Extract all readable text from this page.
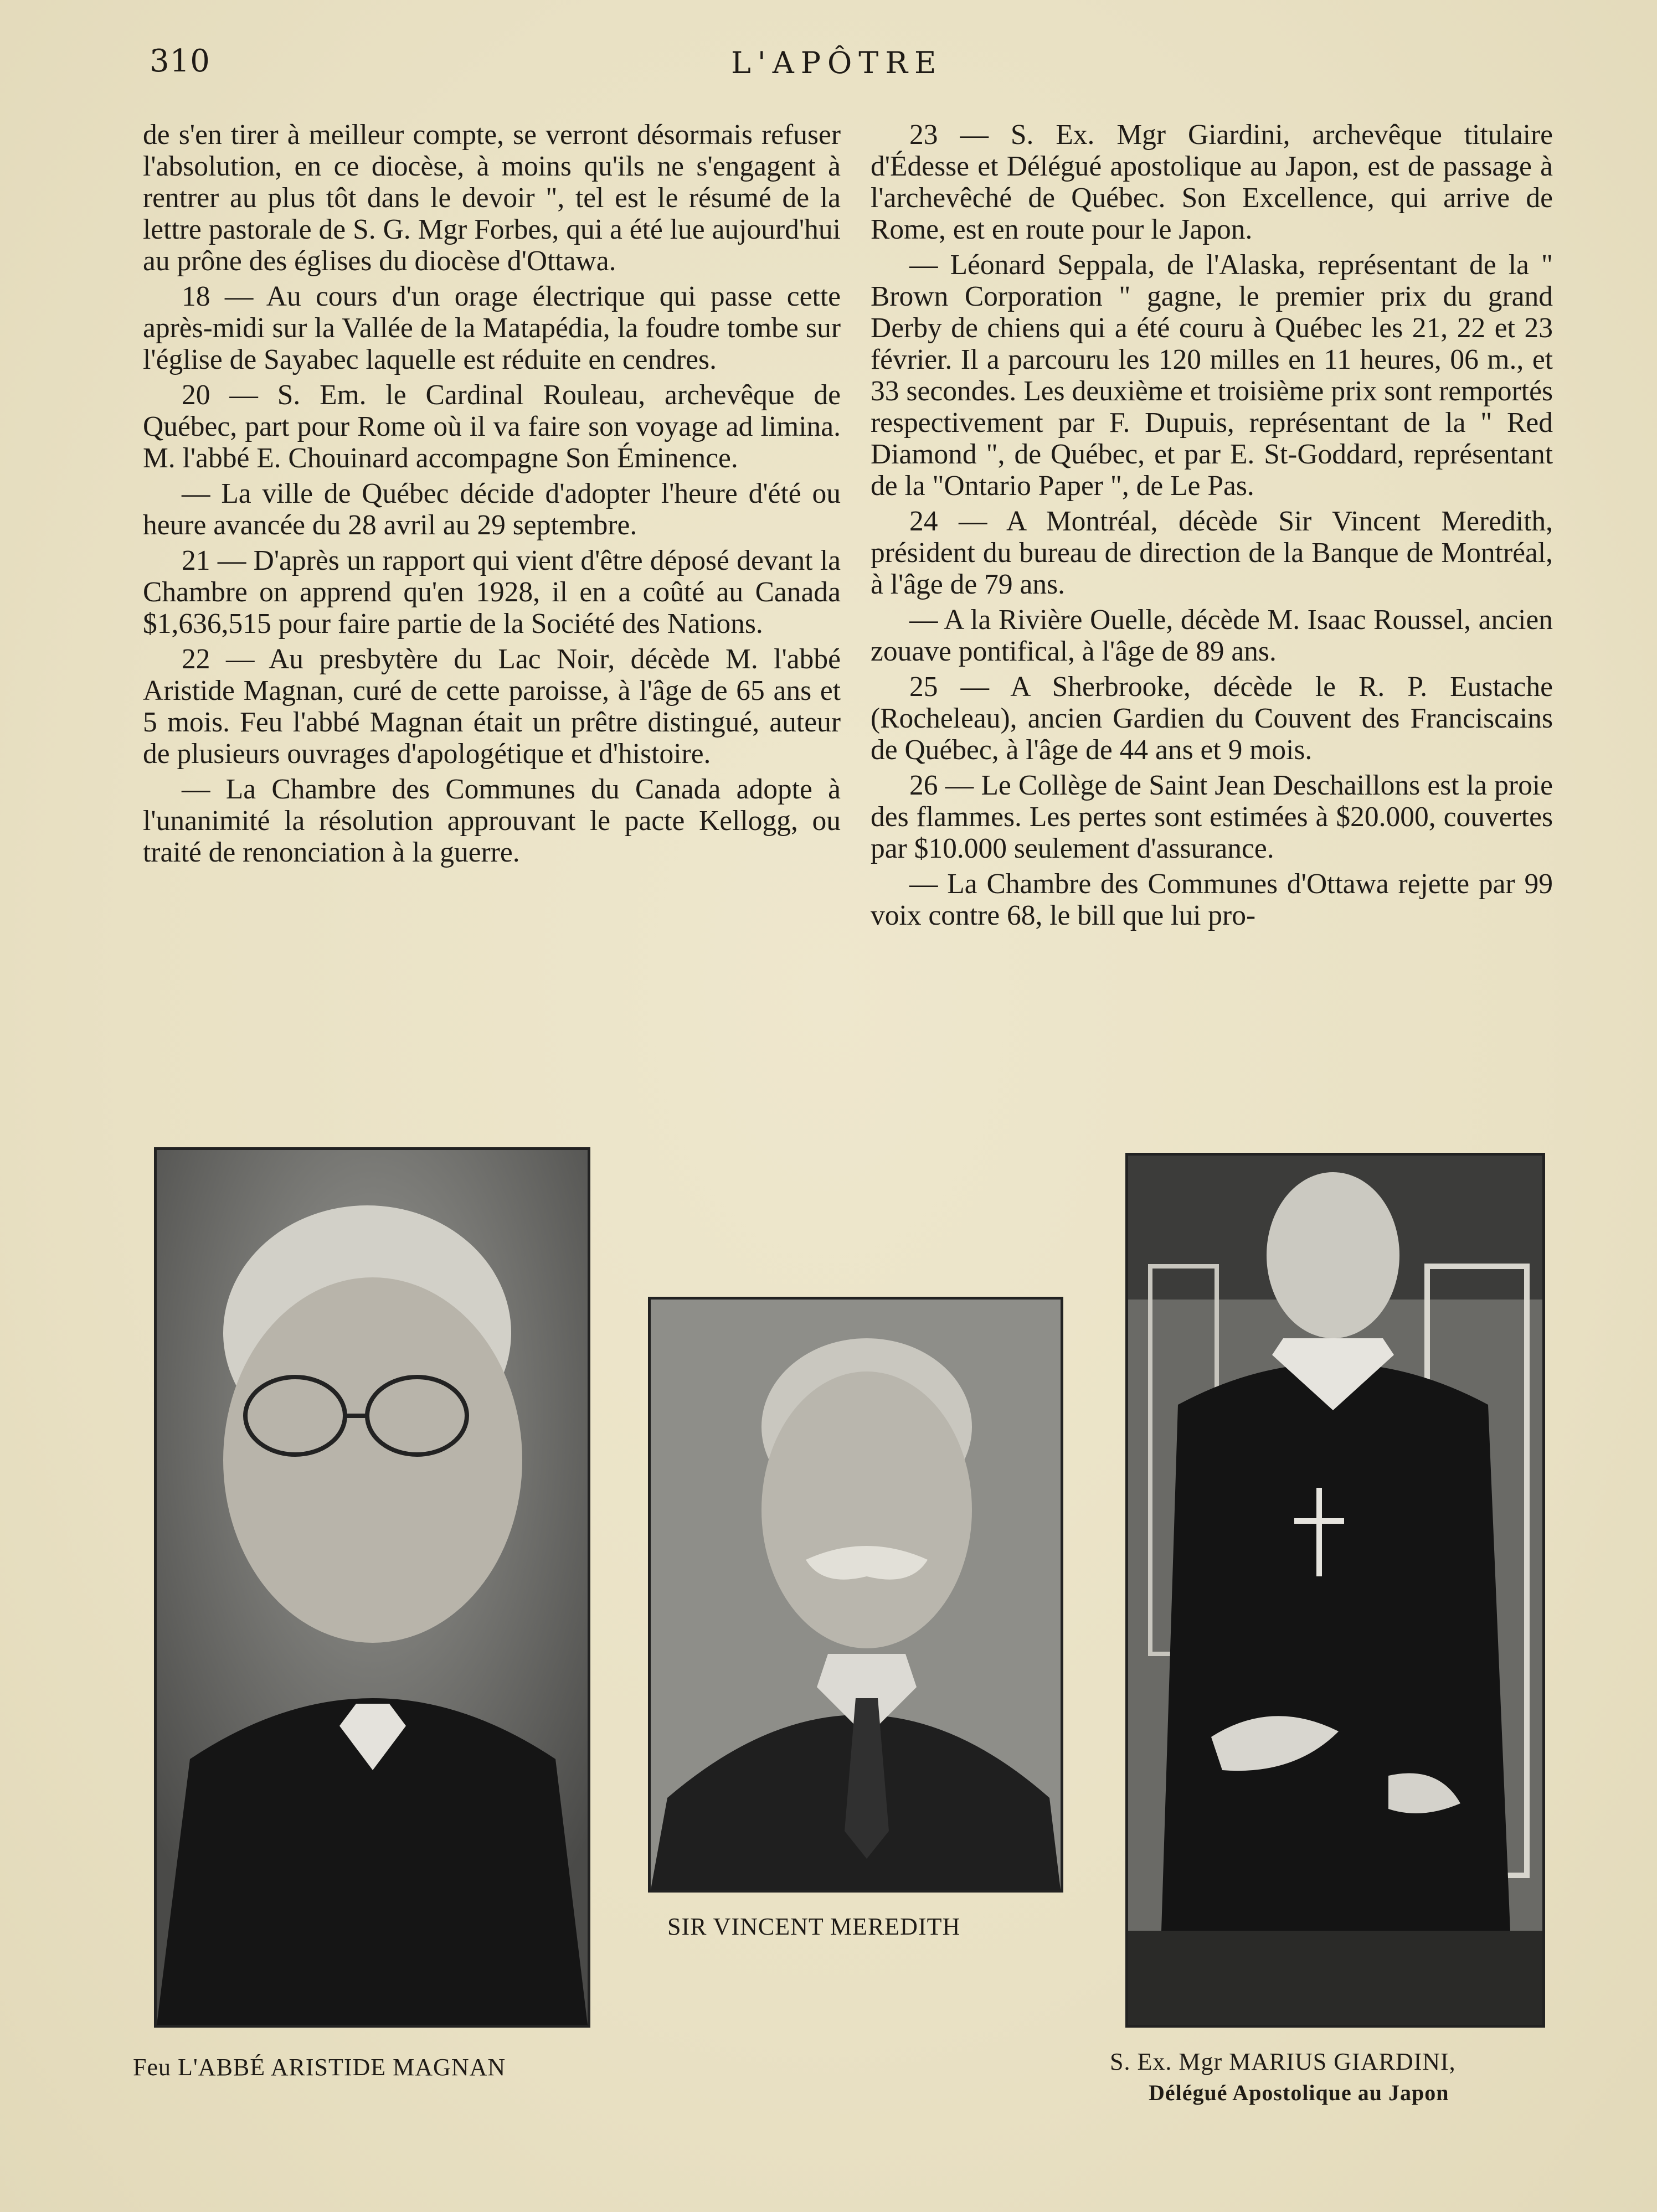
310	L'APÔTRE

de s'en tirer à meilleur compte, se verront désormais refuser l'absolution, en ce diocèse, à moins qu'ils ne s'engagent à rentrer au plus tôt dans le devoir ", tel est le résumé de la lettre pastorale de S. G. Mgr Forbes, qui a été lue aujourd'hui au prône des églises du diocèse d'Ottawa.

18 — Au cours d'un orage électrique qui passe cette après-midi sur la Vallée de la Matapédia, la foudre tombe sur l'église de Sayabec laquelle est réduite en cendres.

20 — S. Em. le Cardinal Rouleau, archevêque de Québec, part pour Rome où il va faire son voyage ad limina. M. l'abbé E. Chouinard accompagne Son Éminence.

— La ville de Québec décide d'adopter l'heure d'été ou heure avancée du 28 avril au 29 septembre.

21 — D'après un rapport qui vient d'être déposé devant la Chambre on apprend qu'en 1928, il en a coûté au Canada $1,636,515 pour faire partie de la Société des Nations.

22 — Au presbytère du Lac Noir, décède M. l'abbé Aristide Magnan, curé de cette paroisse, à l'âge de 65 ans et 5 mois. Feu l'abbé Magnan était un prêtre distingué, auteur de plusieurs ouvrages d'apologétique et d'histoire.

— La Chambre des Communes du Canada adopte à l'unanimité la résolution approuvant le pacte Kellogg, ou traité de renonciation à la guerre.

23 — S. Ex. Mgr Giardini, archevêque titulaire d'Édesse et Délégué apostolique au Japon, est de passage à l'archevêché de Québec. Son Excellence, qui arrive de Rome, est en route pour le Japon.

— Léonard Seppala, de l'Alaska, représentant de la " Brown Corporation " gagne, le premier prix du grand Derby de chiens qui a été couru à Québec les 21, 22 et 23 février. Il a parcouru les 120 milles en 11 heures, 06 m., et 33 secondes. Les deuxième et troisième prix sont remportés respectivement par F. Dupuis, représentant de la " Red Diamond ", de Québec, et par E. St-Goddard, représentant de la "Ontario Paper ", de Le Pas.

24 — A Montréal, décède Sir Vincent Meredith, président du bureau de direction de la Banque de Montréal, à l'âge de 79 ans.

— A la Rivière Ouelle, décède M. Isaac Roussel, ancien zouave pontifical, à l'âge de 89 ans.

25 — A Sherbrooke, décède le R. P. Eustache (Rocheleau), ancien Gardien du Couvent des Franciscains de Québec, à l'âge de 44 ans et 9 mois.

26 — Le Collège de Saint Jean Deschaillons est la proie des flammes. Les pertes sont estimées à $20.000, couvertes par $10.000 seulement d'assurance.

— La Chambre des Communes d'Ottawa rejette par 99 voix contre 68, le bill que lui pro-

Feu L'ABBÉ ARISTIDE MAGNAN
SIR VINCENT MEREDITH
S. Ex. Mgr MARIUS GIARDINI,
Délégué Apostolique au Japon
